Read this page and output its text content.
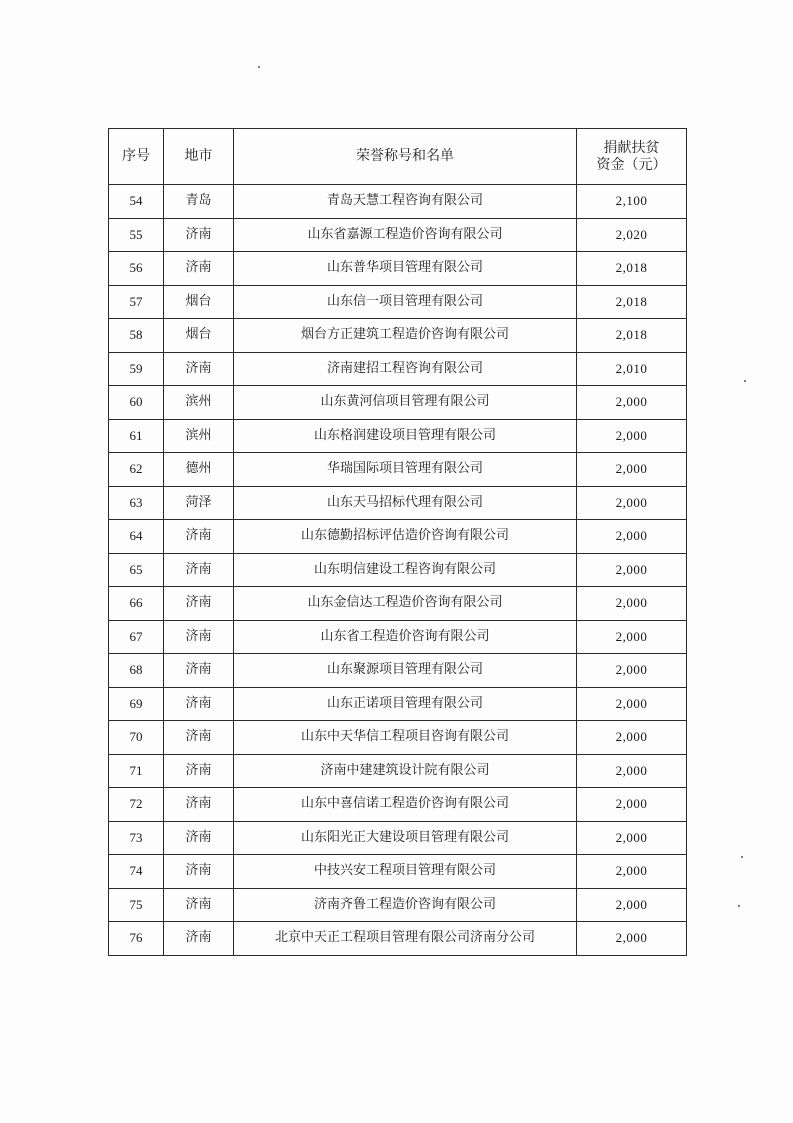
序号	地市	荣誉称号和名单	捐献扶贫
资金（元）

54	青岛	青岛天慧工程咨询有限公司	2,100
55	济南	山东省嘉源工程造价咨询有限公司	2,020
56	济南	山东普华项目管理有限公司	2,018
57	烟台	山东信一项目管理有限公司	2,018
58	烟台	烟台方正建筑工程造价咨询有限公司	2,018
59	济南	济南建招工程咨询有限公司	2,010
60	滨州	山东黄河信项目管理有限公司	2,000
61	滨州	山东格润建设项目管理有限公司	2,000
62	德州	华瑞国际项目管理有限公司	2,000
63	菏泽	山东天马招标代理有限公司	2,000
64	济南	山东德勤招标评估造价咨询有限公司	2,000
65	济南	山东明信建设工程咨询有限公司	2,000
66	济南	山东金信达工程造价咨询有限公司	2,000
67	济南	山东省工程造价咨询有限公司	2,000
68	济南	山东聚源项目管理有限公司	2,000
69	济南	山东正诺项目管理有限公司	2,000
70	济南	山东中天华信工程项目咨询有限公司	2,000
71	济南	济南中建建筑设计院有限公司	2,000
72	济南	山东中喜信诺工程造价咨询有限公司	2,000
73	济南	山东阳光正大建设项目管理有限公司	2,000
74	济南	中技兴安工程项目管理有限公司	2,000
75	济南	济南齐鲁工程造价咨询有限公司	2,000
76	济南	北京中天正工程项目管理有限公司济南分公司	2,000
